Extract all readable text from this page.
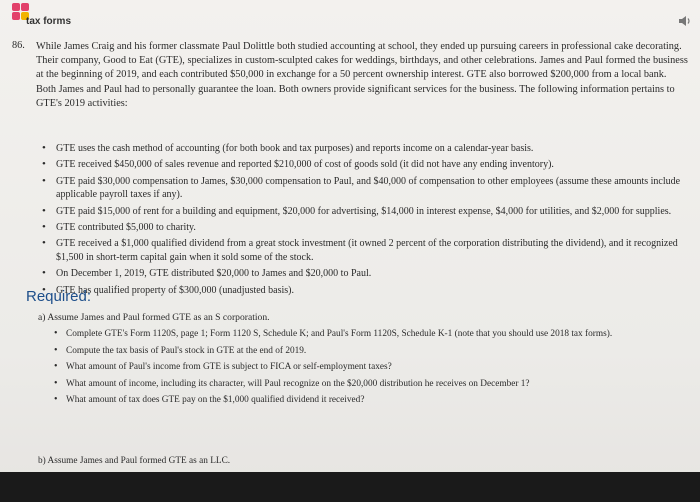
tax forms
86. While James Craig and his former classmate Paul Dolittle both studied accounting at school, they ended up pursuing careers in professional cake decorating. Their company, Good to Eat (GTE), specializes in custom-sculpted cakes for weddings, birthdays, and other celebrations. James and Paul formed the business at the beginning of 2019, and each contributed $50,000 in exchange for a 50 percent ownership interest. GTE also borrowed $200,000 from a local bank. Both James and Paul had to personally guarantee the loan. Both owners provide significant services for the business. The following information pertains to GTE's 2019 activities:
• GTE uses the cash method of accounting (for both book and tax purposes) and reports income on a calendar-year basis.
• GTE received $450,000 of sales revenue and reported $210,000 of cost of goods sold (it did not have any ending inventory).
• GTE paid $30,000 compensation to James, $30,000 compensation to Paul, and $40,000 of compensation to other employees (assume these amounts include applicable payroll taxes if any).
• GTE paid $15,000 of rent for a building and equipment, $20,000 for advertising, $14,000 in interest expense, $4,000 for utilities, and $2,000 for supplies.
• GTE contributed $5,000 to charity.
• GTE received a $1,000 qualified dividend from a great stock investment (it owned 2 percent of the corporation distributing the dividend), and it recognized $1,500 in short-term capital gain when it sold some of the stock.
• On December 1, 2019, GTE distributed $20,000 to James and $20,000 to Paul.
• GTE has qualified property of $300,000 (unadjusted basis).
Required:
a) Assume James and Paul formed GTE as an S corporation.
• Complete GTE's Form 1120S, page 1; Form 1120 S, Schedule K; and Paul's Form 1120S, Schedule K-1 (note that you should use 2018 tax forms).
• Compute the tax basis of Paul's stock in GTE at the end of 2019.
• What amount of Paul's income from GTE is subject to FICA or self-employment taxes?
• What amount of income, including its character, will Paul recognize on the $20,000 distribution he receives on December 1?
• What amount of tax does GTE pay on the $1,000 qualified dividend it received?
b) Assume James and Paul formed GTE as an LLC.
